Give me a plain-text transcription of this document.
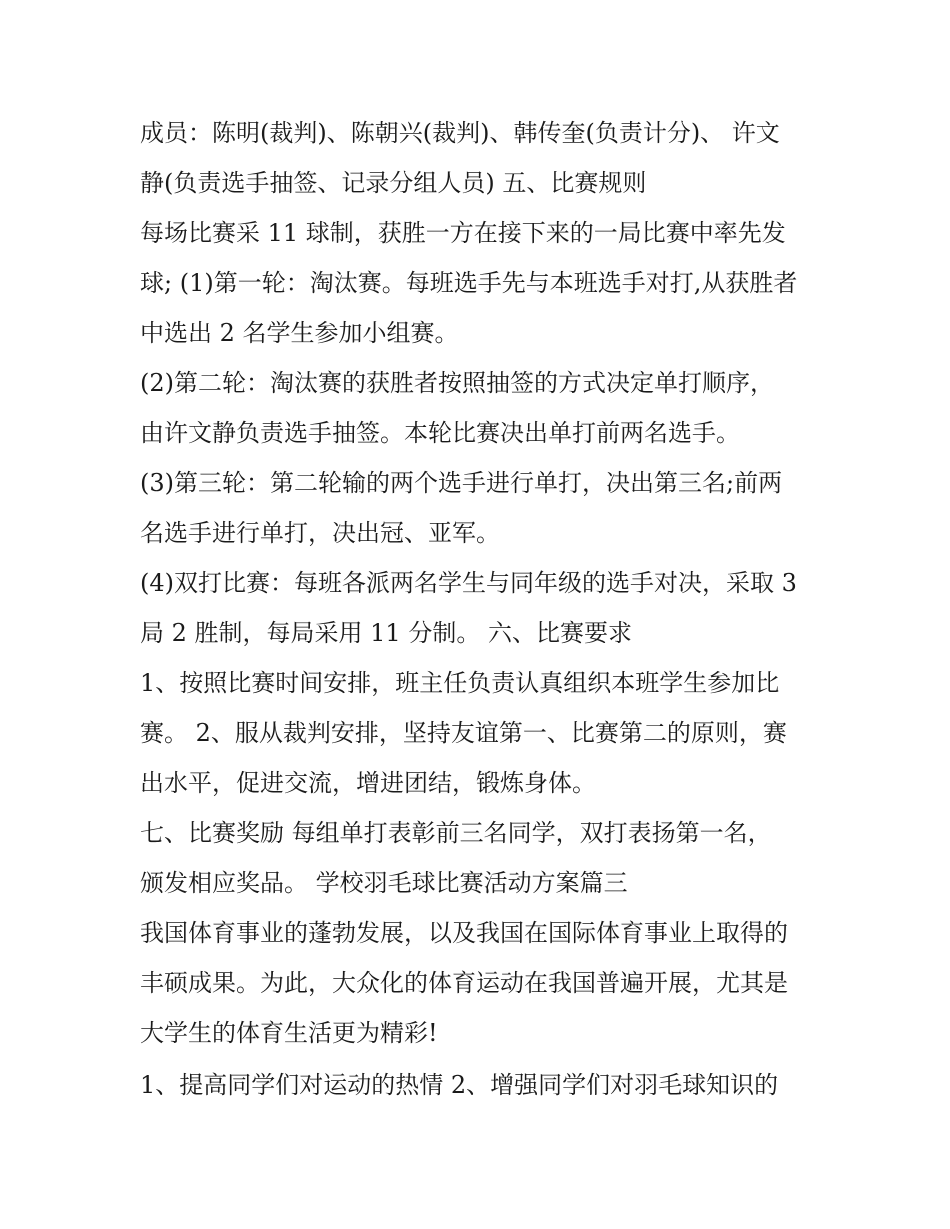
成员：陈明(裁判)、陈朝兴(裁判)、韩传奎(负责计分)、 许文
静(负责选手抽签、记录分组人员) 五、比赛规则
每场比赛采 11 球制，获胜一方在接下来的一局比赛中率先发
球; (1)第一轮：淘汰赛。每班选手先与本班选手对打,从获胜者
中选出 2 名学生参加小组赛。
(2)第二轮：淘汰赛的获胜者按照抽签的方式决定单打顺序，
由许文静负责选手抽签。本轮比赛决出单打前两名选手。
(3)第三轮：第二轮输的两个选手进行单打，决出第三名;前两
名选手进行单打，决出冠、亚军。
(4)双打比赛：每班各派两名学生与同年级的选手对决，采取 3
局 2 胜制，每局采用 11 分制。 六、比赛要求
1、按照比赛时间安排，班主任负责认真组织本班学生参加比
赛。 2、服从裁判安排，坚持友谊第一、比赛第二的原则，赛
出水平，促进交流，增进团结，锻炼身体。
七、比赛奖励 每组单打表彰前三名同学，双打表扬第一名，
颁发相应奖品。 学校羽毛球比赛活动方案篇三
我国体育事业的蓬勃发展，以及我国在国际体育事业上取得的
丰硕成果。为此，大众化的体育运动在我国普遍开展，尤其是
大学生的体育生活更为精彩!
1、提高同学们对运动的热情 2、增强同学们对羽毛球知识的
